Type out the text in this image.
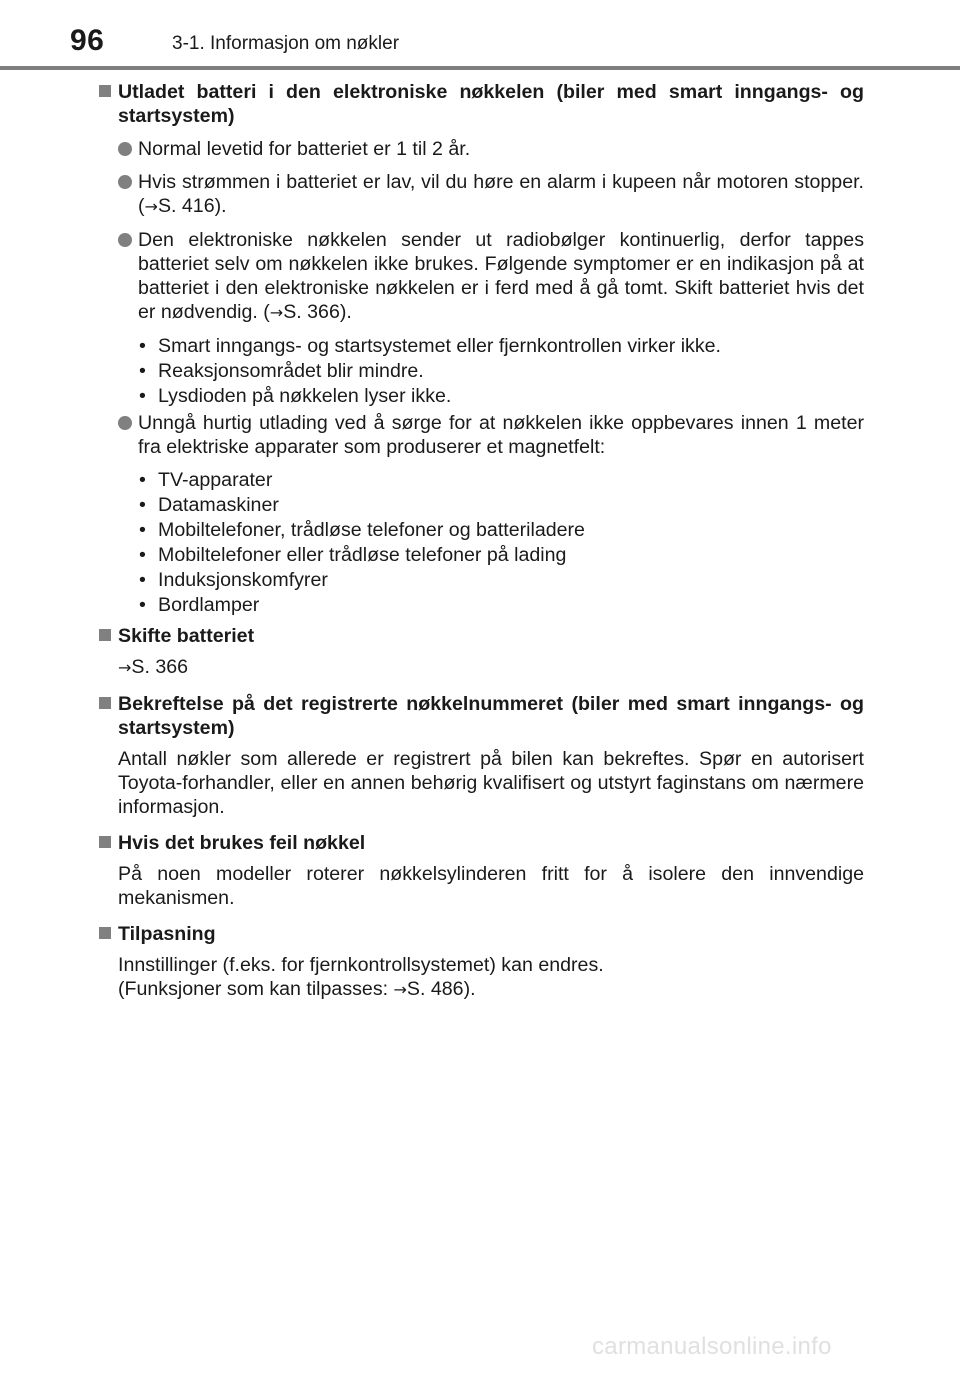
96	3-1. Informasjon om nøkler
Utladet batteri i den elektroniske nøkkelen (biler med smart inngangs- og startsystem)
Normal levetid for batteriet er 1 til 2 år.
Hvis strømmen i batteriet er lav, vil du høre en alarm i kupeen når motoren stopper. (→S. 416).
Den elektroniske nøkkelen sender ut radiobølger kontinuerlig, derfor tappes batteriet selv om nøkkelen ikke brukes. Følgende symptomer er en indikasjon på at batteriet i den elektroniske nøkkelen er i ferd med å gå tomt. Skift batteriet hvis det er nødvendig. (→S. 366).
• Smart inngangs- og startsystemet eller fjernkontrollen virker ikke.
• Reaksjonsområdet blir mindre.
• Lysdioden på nøkkelen lyser ikke.
Unngå hurtig utlading ved å sørge for at nøkkelen ikke oppbevares innen 1 meter fra elektriske apparater som produserer et magnetfelt:
• TV-apparater
• Datamaskiner
• Mobiltelefoner, trådløse telefoner og batteriladere
• Mobiltelefoner eller trådløse telefoner på lading
• Induksjonskomfyrer
• Bordlamper
Skifte batteriet
→S. 366
Bekreftelse på det registrerte nøkkelnummeret (biler med smart inngangs- og startsystem)
Antall nøkler som allerede er registrert på bilen kan bekreftes. Spør en autorisert Toyota-forhandler, eller en annen behørig kvalifisert og utstyrt faginstans om nærmere informasjon.
Hvis det brukes feil nøkkel
På noen modeller roterer nøkkelsylinderen fritt for å isolere den innvendige mekanismen.
Tilpasning
Innstillinger (f.eks. for fjernkontrollsystemet) kan endres.
(Funksjoner som kan tilpasses: →S. 486).
carmanualsonline.info
